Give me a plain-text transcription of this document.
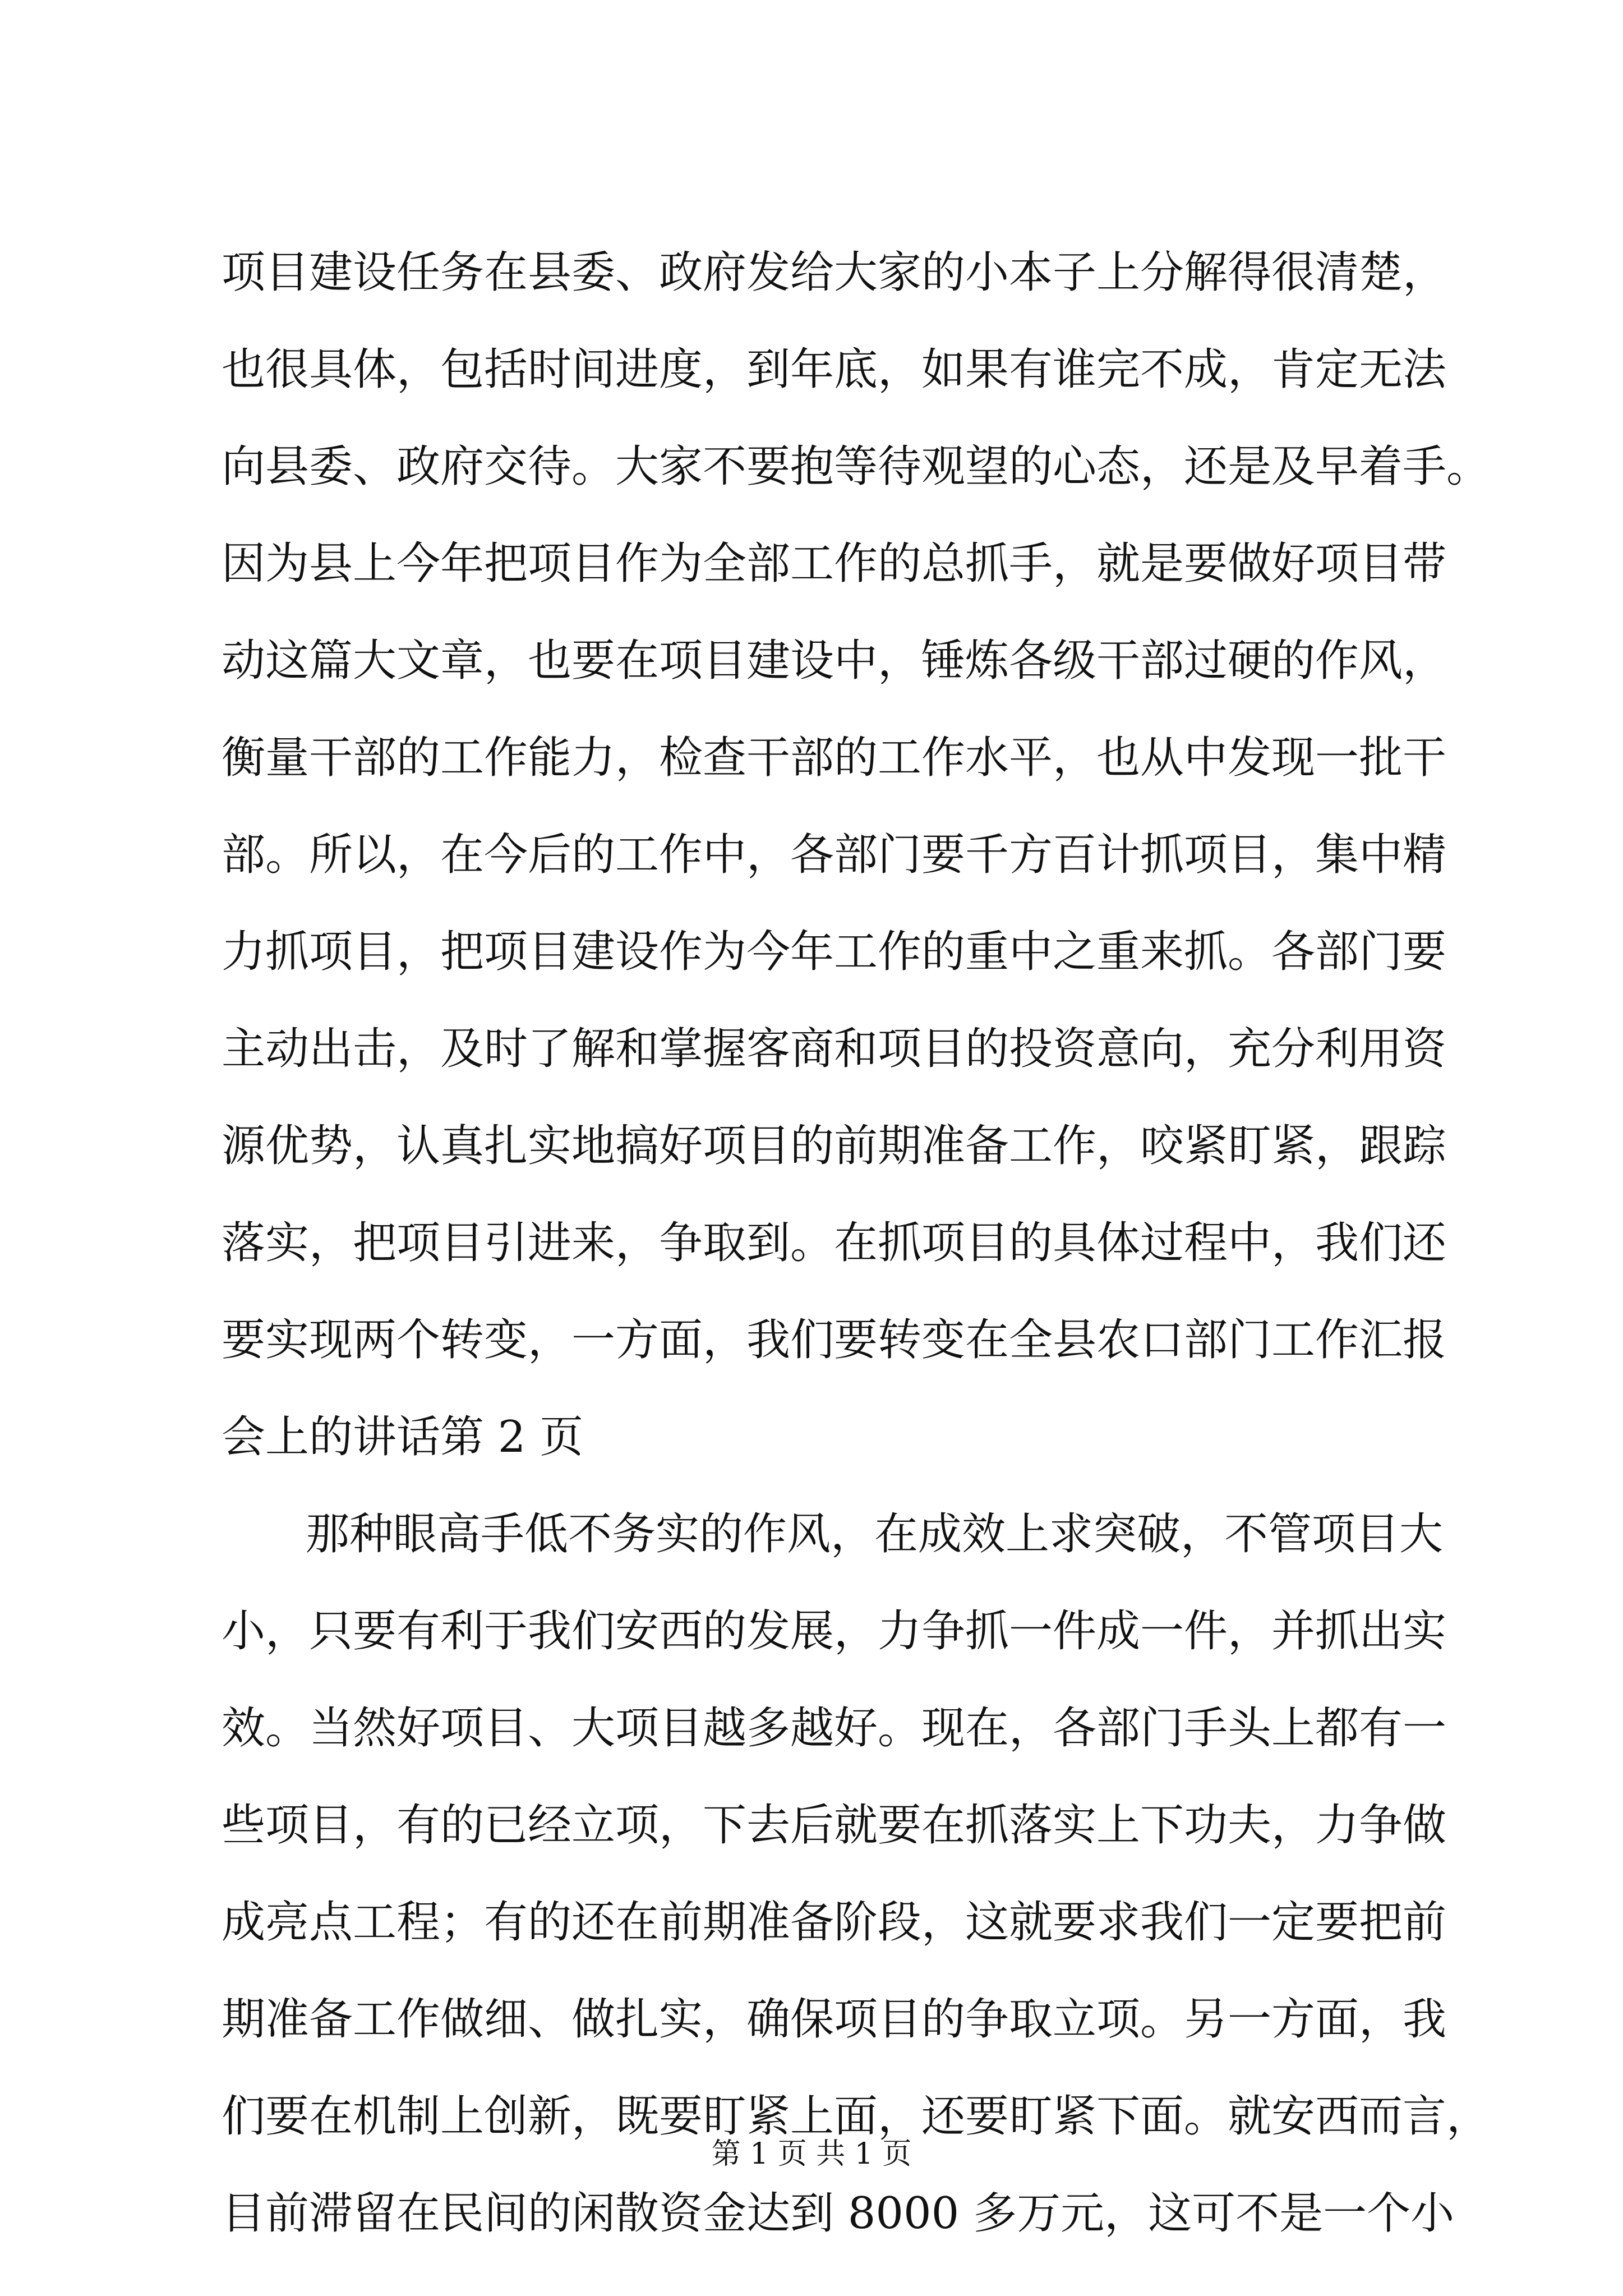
项目建设任务在县委、政府发给大家的小本子上分解得很清楚，
也很具体，包括时间进度，到年底，如果有谁完不成，肯定无法
向县委、政府交待。大家不要抱等待观望的心态，还是及早着手。
因为县上今年把项目作为全部工作的总抓手，就是要做好项目带
动这篇大文章，也要在项目建设中，锤炼各级干部过硬的作风，
衡量干部的工作能力，检查干部的工作水平，也从中发现一批干
部。所以，在今后的工作中，各部门要千方百计抓项目，集中精
力抓项目，把项目建设作为今年工作的重中之重来抓。各部门要
主动出击，及时了解和掌握客商和项目的投资意向，充分利用资
源优势，认真扎实地搞好项目的前期准备工作，咬紧盯紧，跟踪
落实，把项目引进来，争取到。在抓项目的具体过程中，我们还
要实现两个转变，一方面，我们要转变在全县农口部门工作汇报
会上的讲话第 2 页
那种眼高手低不务实的作风，在成效上求突破，不管项目大
小，只要有利于我们安西的发展，力争抓一件成一件，并抓出实
效。当然好项目、大项目越多越好。现在，各部门手头上都有一
些项目，有的已经立项，下去后就要在抓落实上下功夫，力争做
成亮点工程；有的还在前期准备阶段，这就要求我们一定要把前
期准备工作做细、做扎实，确保项目的争取立项。另一方面，我
们要在机制上创新，既要盯紧上面，还要盯紧下面。就安西而言，
目前滞留在民间的闲散资金达到 8000 多万元，这可不是一个小
第 1 页 共 1 页
